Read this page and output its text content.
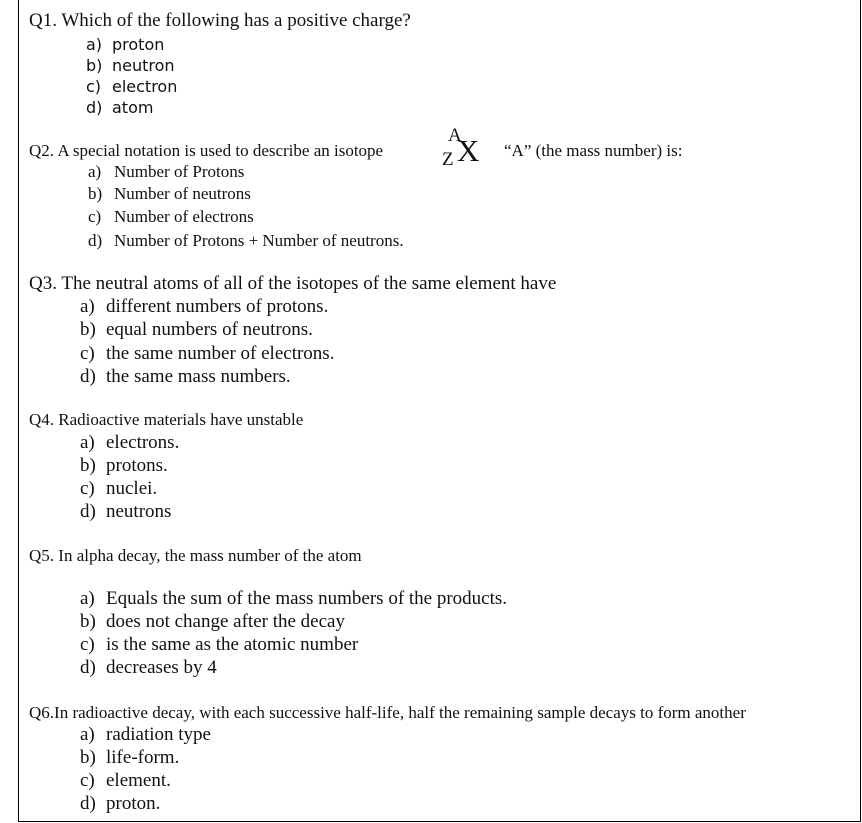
Q1. Which of the following has a positive charge?
a) proton
b) neutron
c) electron
d) atom
Q2. A special notation is used to describe an isotope
A
Z X “A” (the mass number) is:
a) Number of Protons
b) Number of neutrons
c) Number of electrons
d) Number of Protons + Number of neutrons.
Q3. The neutral atoms of all of the isotopes of the same element have
a) different numbers of protons.
b) equal numbers of neutrons.
c) the same number of electrons.
d) the same mass numbers.
Q4. Radioactive materials have unstable
a) electrons.
b) protons.
c) nuclei.
d) neutrons
Q5. In alpha decay, the mass number of the atom
a) Equals the sum of the mass numbers of the products.
b) does not change after the decay
c) is the same as the atomic number
d) decreases by 4
Q6.In radioactive decay, with each successive half-life, half the remaining sample decays to form another
a) radiation type
b) life-form.
c) element.
d) proton.
